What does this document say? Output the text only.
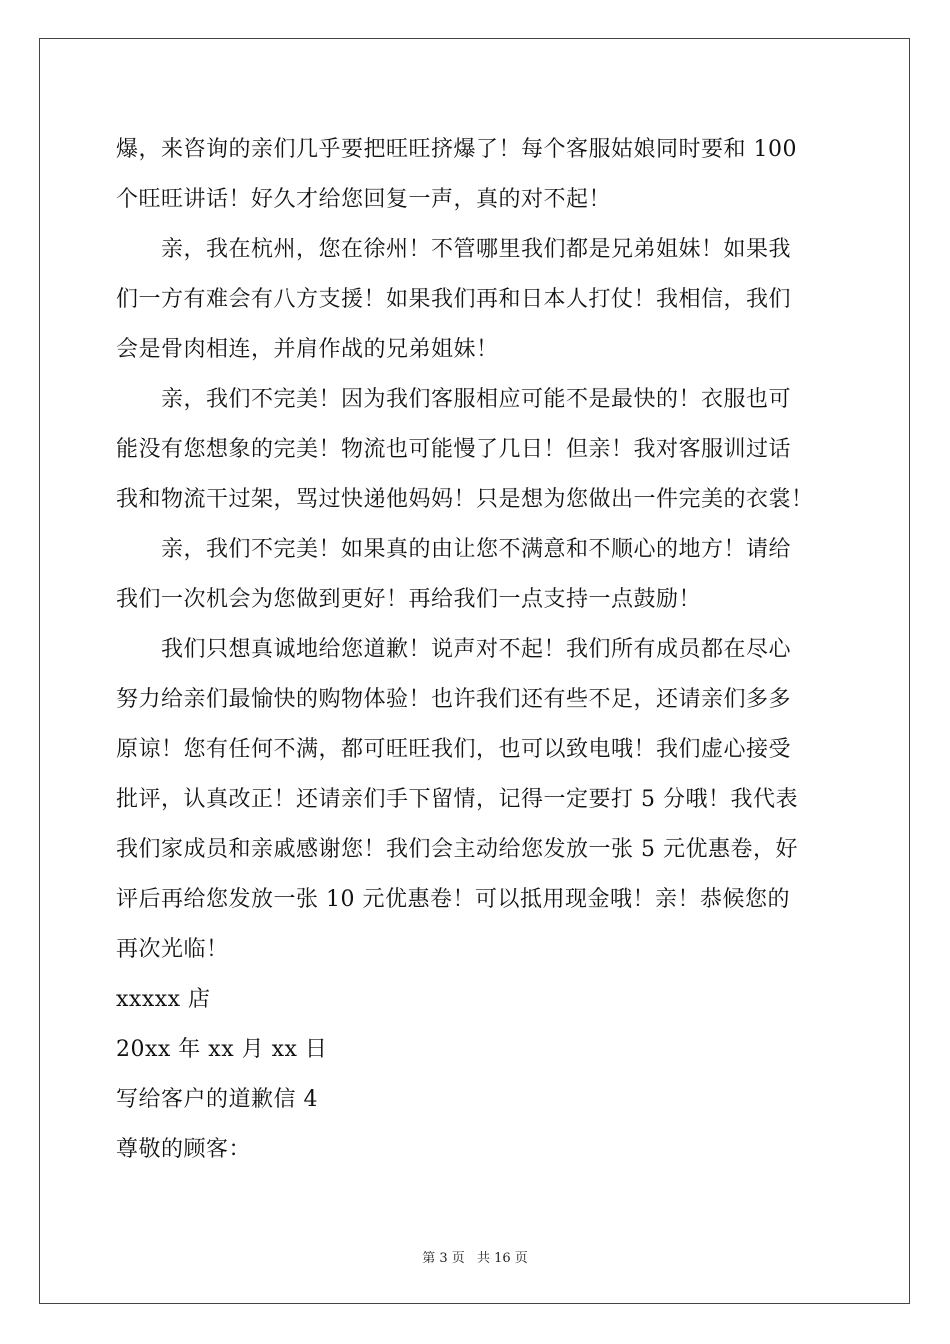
爆，来咨询的亲们几乎要把旺旺挤爆了！每个客服姑娘同时要和 100
个旺旺讲话！好久才给您回复一声，真的对不起！
　　亲，我在杭州，您在徐州！不管哪里我们都是兄弟姐妹！如果我
们一方有难会有八方支援！如果我们再和日本人打仗！我相信，我们
会是骨肉相连，并肩作战的兄弟姐妹！
　　亲，我们不完美！因为我们客服相应可能不是最快的！衣服也可
能没有您想象的完美！物流也可能慢了几日！但亲！我对客服训过话
我和物流干过架，骂过快递他妈妈！只是想为您做出一件完美的衣裳！
　　亲，我们不完美！如果真的由让您不满意和不顺心的地方！请给
我们一次机会为您做到更好！再给我们一点支持一点鼓励！
　　我们只想真诚地给您道歉！说声对不起！我们所有成员都在尽心
努力给亲们最愉快的购物体验！也许我们还有些不足，还请亲们多多
原谅！您有任何不满，都可旺旺我们，也可以致电哦！我们虚心接受
批评，认真改正！还请亲们手下留情，记得一定要打 5 分哦！我代表
我们家成员和亲戚感谢您！我们会主动给您发放一张 5 元优惠卷，好
评后再给您发放一张 10 元优惠卷！可以抵用现金哦！亲！恭候您的
再次光临！
xxxxx 店
20xx 年 xx 月 xx 日
写给客户的道歉信 4
尊敬的顾客：
第 3 页 共 16 页
